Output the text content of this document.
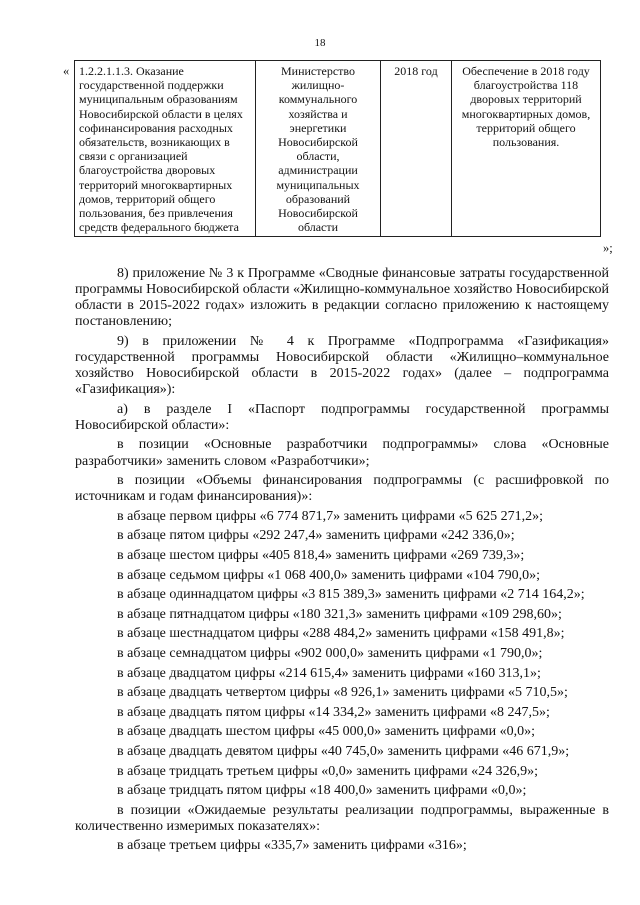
18
« 1.2.2.1.1.3. Оказание государственной поддержки муниципальным образованиям Новосибирской области в целях софинансирования расходных обязательств, возникающих в связи с организацией благоустройства дворовых территорий многоквартирных домов, территорий общего пользования, без привлечения средств федерального бюджета	Министерство жилищно-коммунального хозяйства и энергетики Новосибирской области, администрации муниципальных образований Новосибирской области	2018 год	Обеспечение в 2018 году благоустройства 118 дворовых территорий многоквартирных домов, территорий общего пользования.
»;

8) приложение № 3 к Программе «Сводные финансовые затраты государственной программы Новосибирской области «Жилищно-коммунальное хозяйство Новосибирской области в 2015-2022 годах» изложить в редакции согласно приложению к настоящему постановлению;

9) в приложении № 4 к Программе «Подпрограмма «Газификация» государственной программы Новосибирской области «Жилищно–коммунальное хозяйство Новосибирской области в 2015-2022 годах» (далее – подпрограмма «Газификация»):

а) в разделе I «Паспорт подпрограммы государственной программы Новосибирской области»:

в позиции «Основные разработчики подпрограммы» слова «Основные разработчики» заменить словом «Разработчики»;

в позиции «Объемы финансирования подпрограммы (с расшифровкой по источникам и годам финансирования)»:

в абзаце первом цифры «6 774 871,7» заменить цифрами «5 625 271,2»;

в абзаце пятом цифры «292 247,4» заменить цифрами «242 336,0»;

в абзаце шестом цифры «405 818,4» заменить цифрами «269 739,3»;

в абзаце седьмом цифры «1 068 400,0» заменить цифрами «104 790,0»;

в абзаце одиннадцатом цифры «3 815 389,3» заменить цифрами «2 714 164,2»;

в абзаце пятнадцатом цифры «180 321,3» заменить цифрами «109 298,60»;

в абзаце шестнадцатом цифры «288 484,2» заменить цифрами «158 491,8»;

в абзаце семнадцатом цифры «902 000,0» заменить цифрами «1 790,0»;

в абзаце двадцатом цифры «214 615,4» заменить цифрами «160 313,1»;

в абзаце двадцать четвертом цифры «8 926,1» заменить цифрами «5 710,5»;

в абзаце двадцать пятом цифры «14 334,2» заменить цифрами «8 247,5»;

в абзаце двадцать шестом цифры «45 000,0» заменить цифрами «0,0»;

в абзаце двадцать девятом цифры «40 745,0» заменить цифрами «46 671,9»;

в абзаце тридцать третьем цифры «0,0» заменить цифрами «24 326,9»;

в абзаце тридцать пятом цифры «18 400,0» заменить цифрами «0,0»;

в позиции «Ожидаемые результаты реализации подпрограммы, выраженные в количественно измеримых показателях»:

в абзаце третьем цифры «335,7» заменить цифрами «316»;
